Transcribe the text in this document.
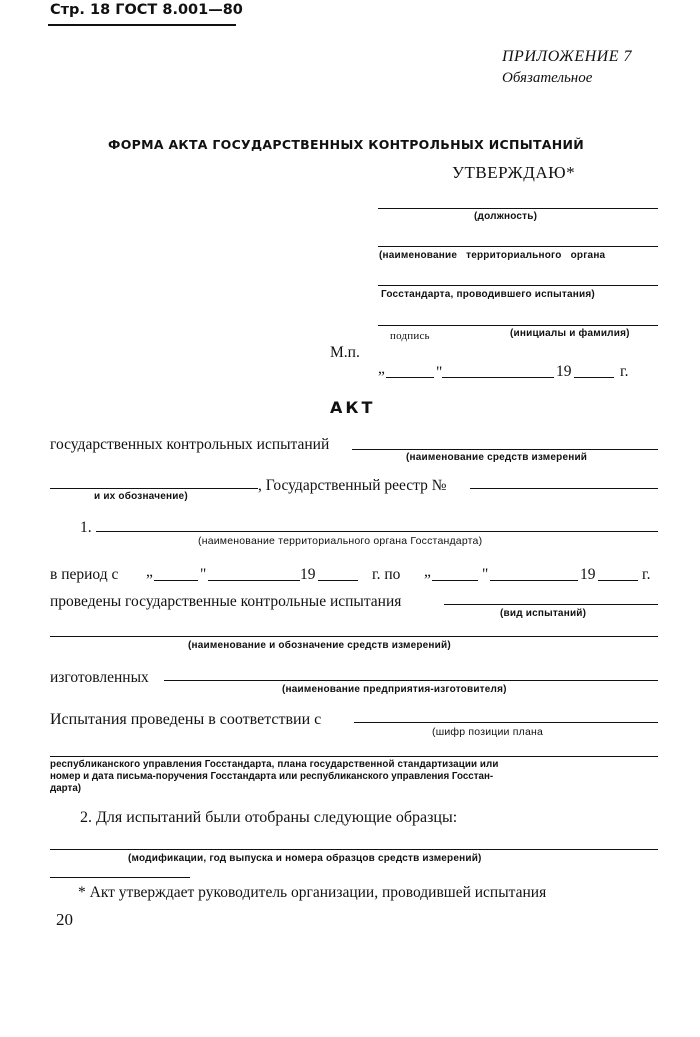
Стр. 18 ГОСТ 8.001—80
ПРИЛОЖЕНИЕ 7
Обязательное
ФОРМА АКТА ГОСУДАРСТВЕННЫХ КОНТРОЛЬНЫХ ИСПЫТАНИЙ
УТВЕРЖДАЮ*
(должность)
(наименование территориального органа
Госстандарта, проводившего испытания)
подпись	(инициалы и фамилия)
М.п.
„	"	19	г.
АКТ
государственных контрольных испытаний
(наименование средств измерений
и их обозначение)
, Государственный реестр №
1.
(наименование территориального органа Госстандарта)
в период с „	"	19	г. по „	"	19	г.
проведены государственные контрольные испытания
(вид испытаний)
(наименование и обозначение средств измерений)
изготовленных
(наименование предприятия-изготовителя)
Испытания проведены в соответствии с
(шифр позиции плана
республиканского управления Госстандарта, плана государственной стандартизации или
номер и дата письма-поручения Госстандарта или республиканского управления Госстан-
дарта)
2. Для испытаний были отобраны следующие образцы:
(модификации, год выпуска и номера образцов средств измерений)
* Акт утверждает руководитель организации, проводившей испытания
20
